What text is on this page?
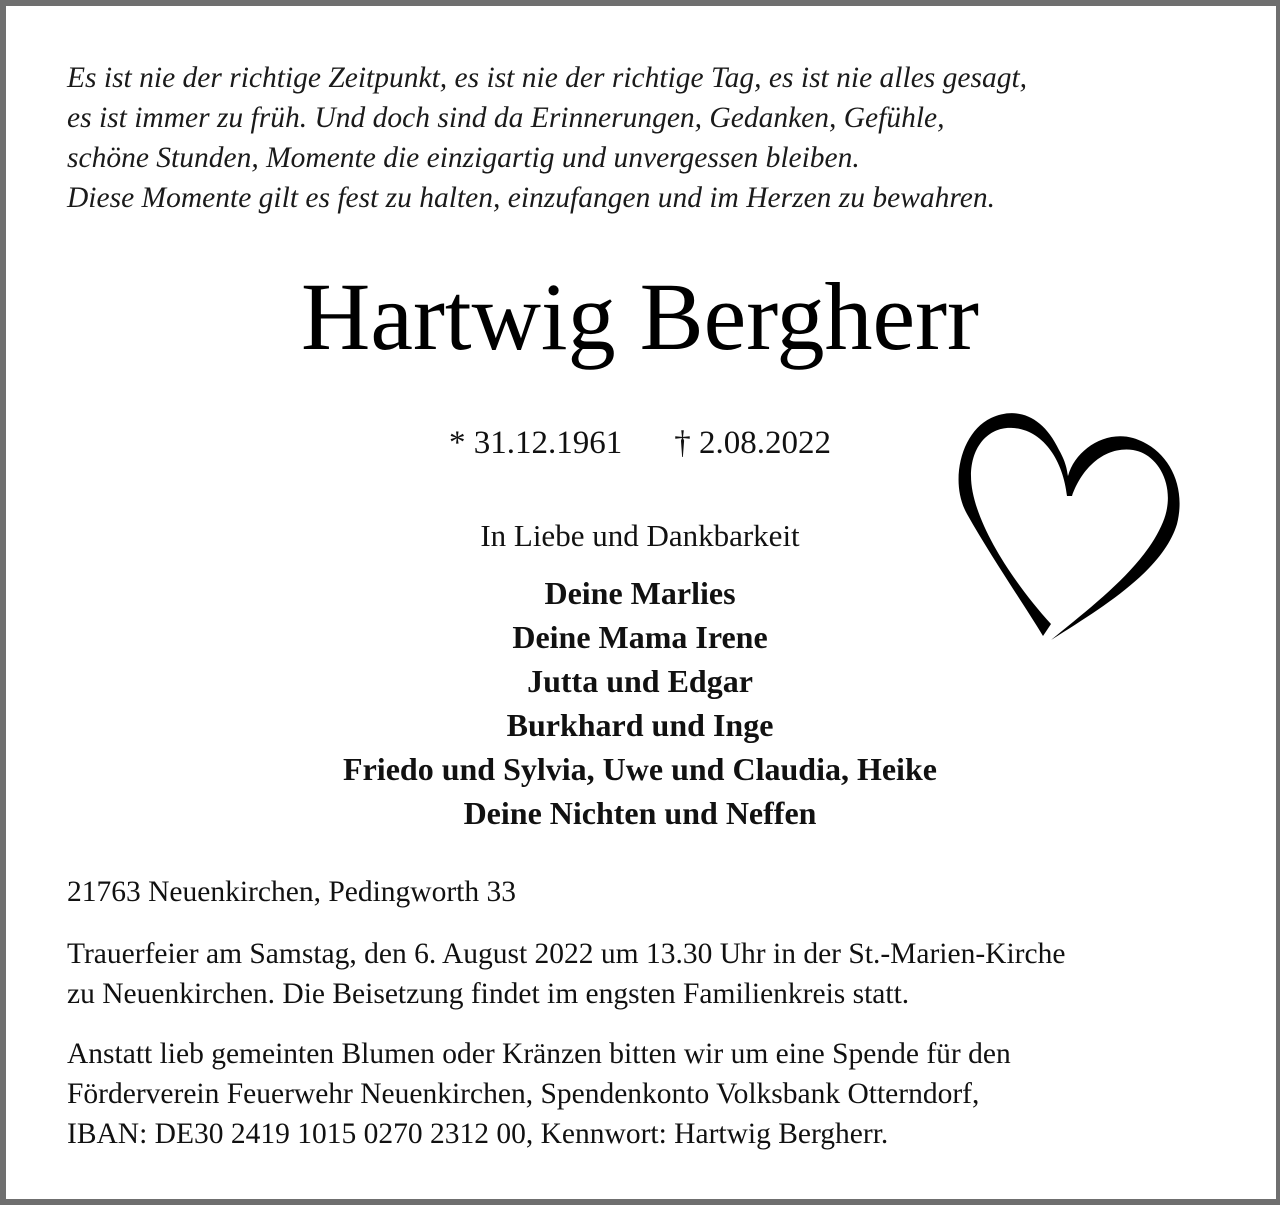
Es ist nie der richtige Zeitpunkt, es ist nie der richtige Tag, es ist nie alles gesagt,
es ist immer zu früh. Und doch sind da Erinnerungen, Gedanken, Gefühle,
schöne Stunden, Momente die einzigartig und unvergessen bleiben.
Diese Momente gilt es fest zu halten, einzufangen und im Herzen zu bewahren.
Hartwig Bergherr
* 31.12.1961 † 2.08.2022
In Liebe und Dankbarkeit
Deine Marlies
Deine Mama Irene
Jutta und Edgar
Burkhard und Inge
Friedo und Sylvia, Uwe und Claudia, Heike
Deine Nichten und Neffen
21763 Neuenkirchen, Pedingworth 33
Trauerfeier am Samstag, den 6. August 2022 um 13.30 Uhr in der St.-Marien-Kirche
zu Neuenkirchen. Die Beisetzung findet im engsten Familienkreis statt.
Anstatt lieb gemeinten Blumen oder Kränzen bitten wir um eine Spende für den
Förderverein Feuerwehr Neuenkirchen, Spendenkonto Volksbank Otterndorf,
IBAN: DE30 2419 1015 0270 2312 00, Kennwort: Hartwig Bergherr.
